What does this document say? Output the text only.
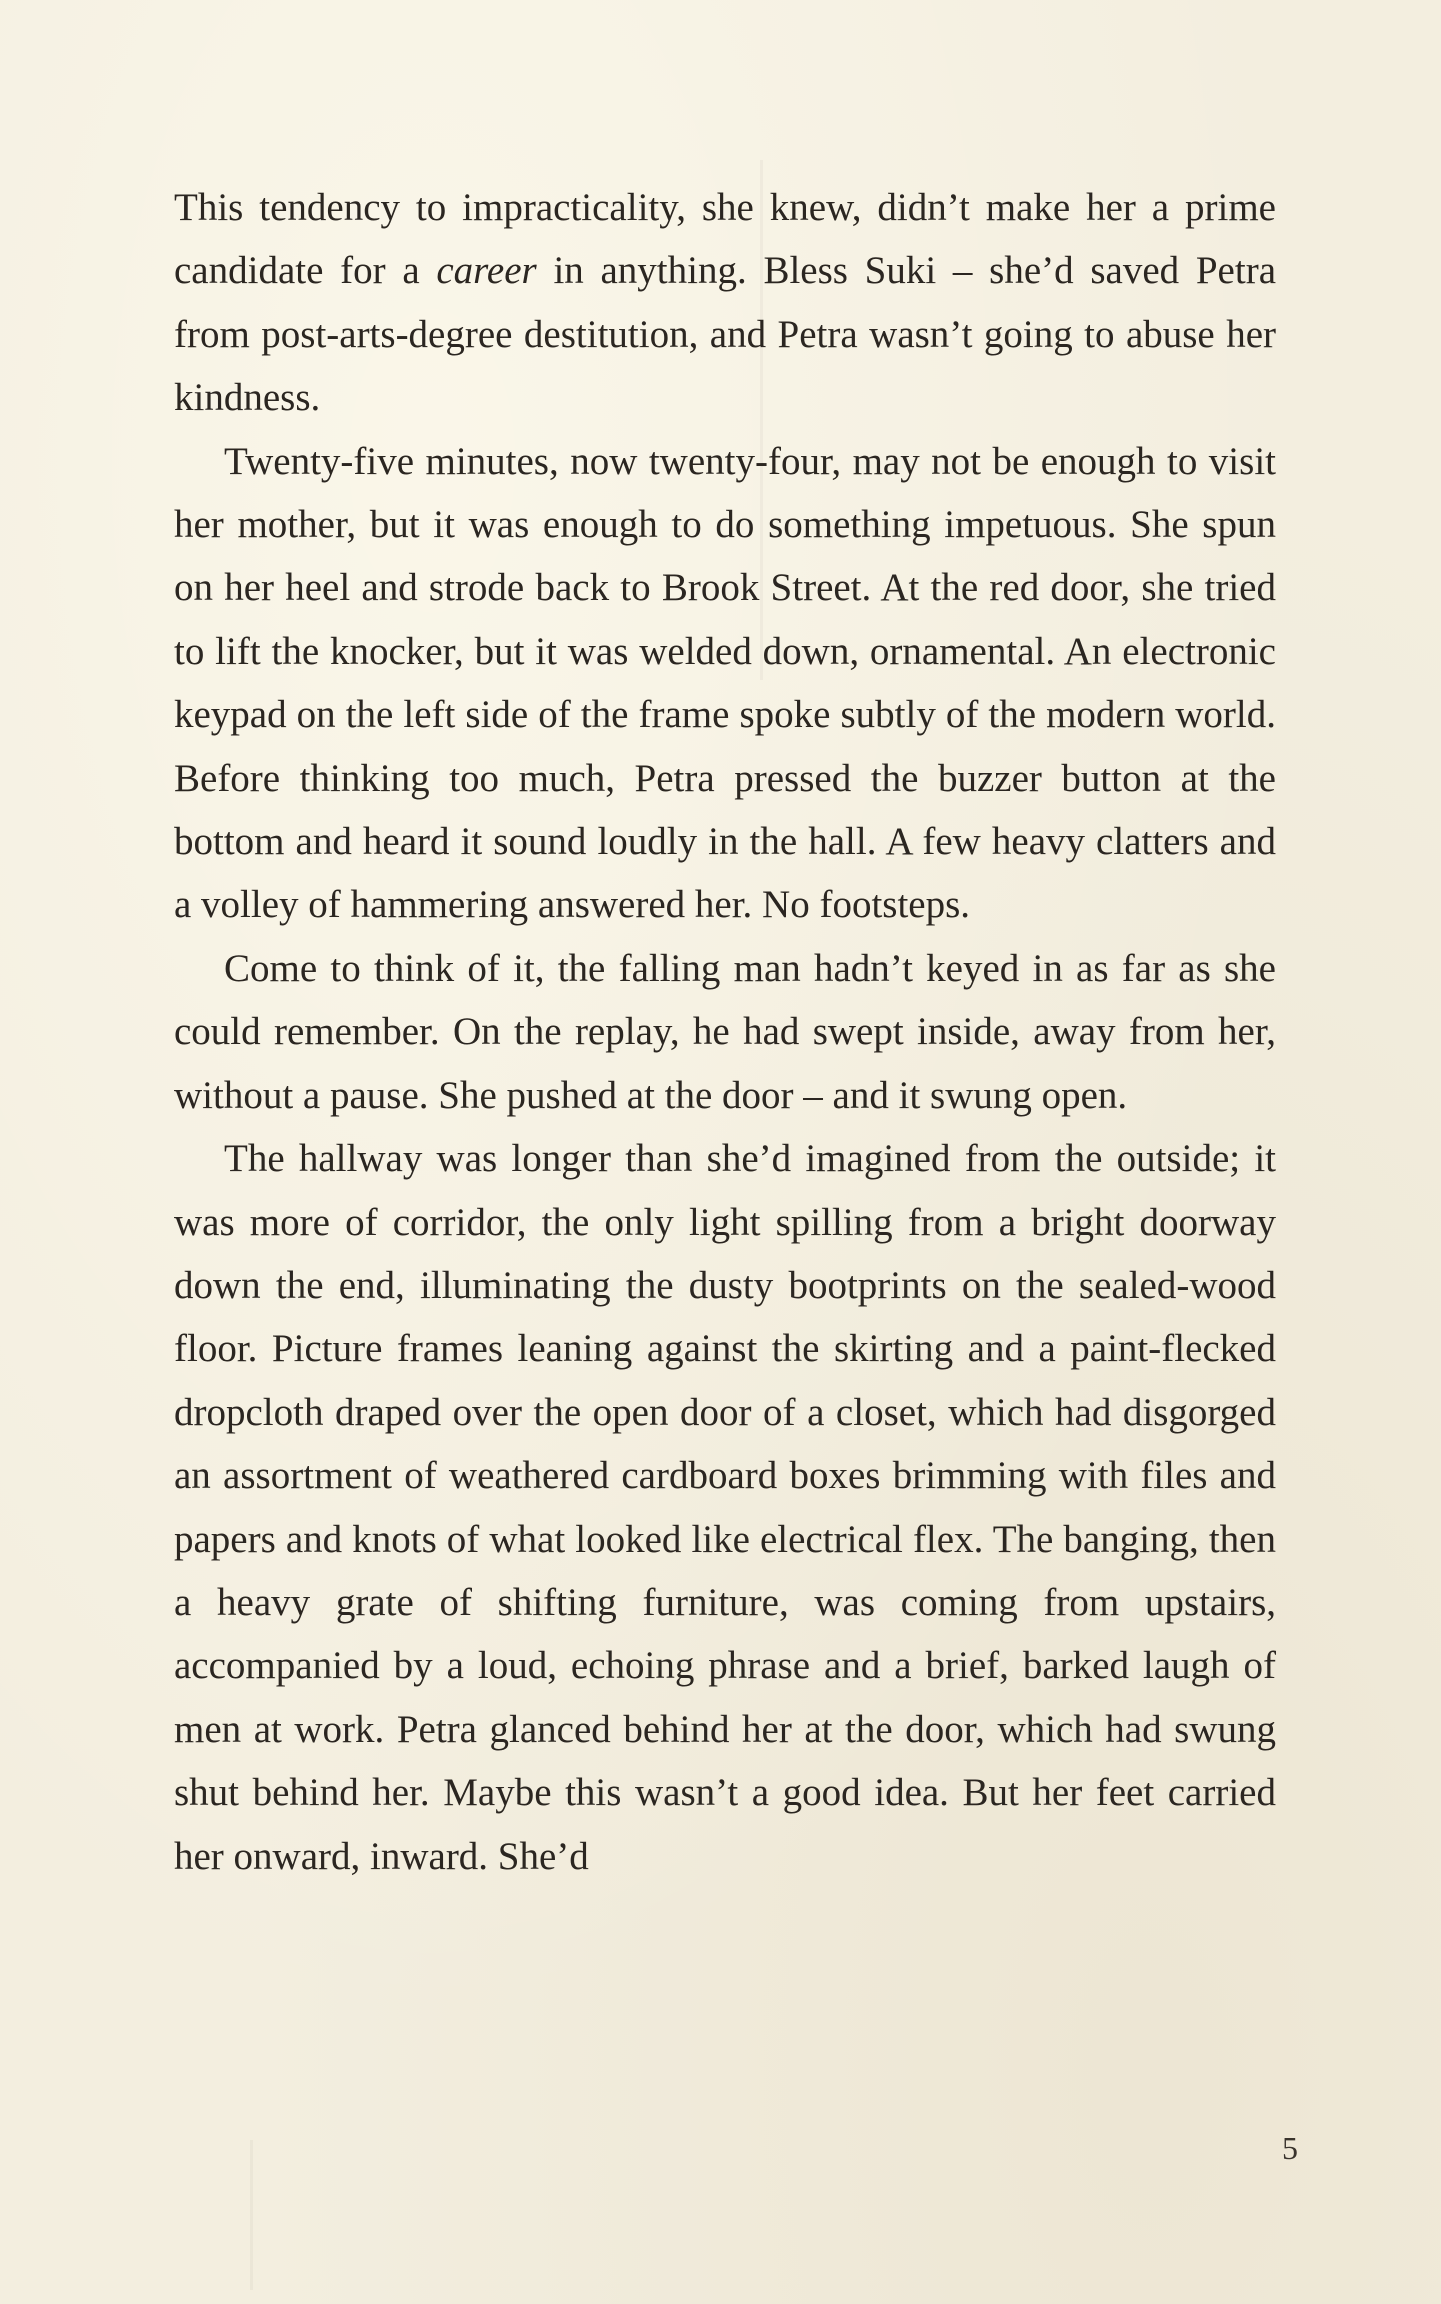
This tendency to impracticality, she knew, didn’t make her a prime candidate for a career in anything. Bless Suki – she’d saved Petra from post-arts-degree destitution, and Petra wasn’t going to abuse her kindness.

Twenty-five minutes, now twenty-four, may not be enough to visit her mother, but it was enough to do something impetuous. She spun on her heel and strode back to Brook Street. At the red door, she tried to lift the knocker, but it was welded down, ornamental. An electronic keypad on the left side of the frame spoke subtly of the modern world. Before thinking too much, Petra pressed the buzzer button at the bottom and heard it sound loudly in the hall. A few heavy clatters and a volley of hammering answered her. No footsteps.

Come to think of it, the falling man hadn’t keyed in as far as she could remember. On the replay, he had swept inside, away from her, without a pause. She pushed at the door – and it swung open.

The hallway was longer than she’d imagined from the outside; it was more of corridor, the only light spilling from a bright doorway down the end, illuminating the dusty bootprints on the sealed-wood floor. Picture frames leaning against the skirting and a paint-flecked dropcloth draped over the open door of a closet, which had disgorged an assortment of weathered cardboard boxes brimming with files and papers and knots of what looked like electrical flex. The banging, then a heavy grate of shifting furniture, was coming from upstairs, accompanied by a loud, echoing phrase and a brief, barked laugh of men at work. Petra glanced behind her at the door, which had swung shut behind her. Maybe this wasn’t a good idea. But her feet carried her onward, inward. She’d

5
